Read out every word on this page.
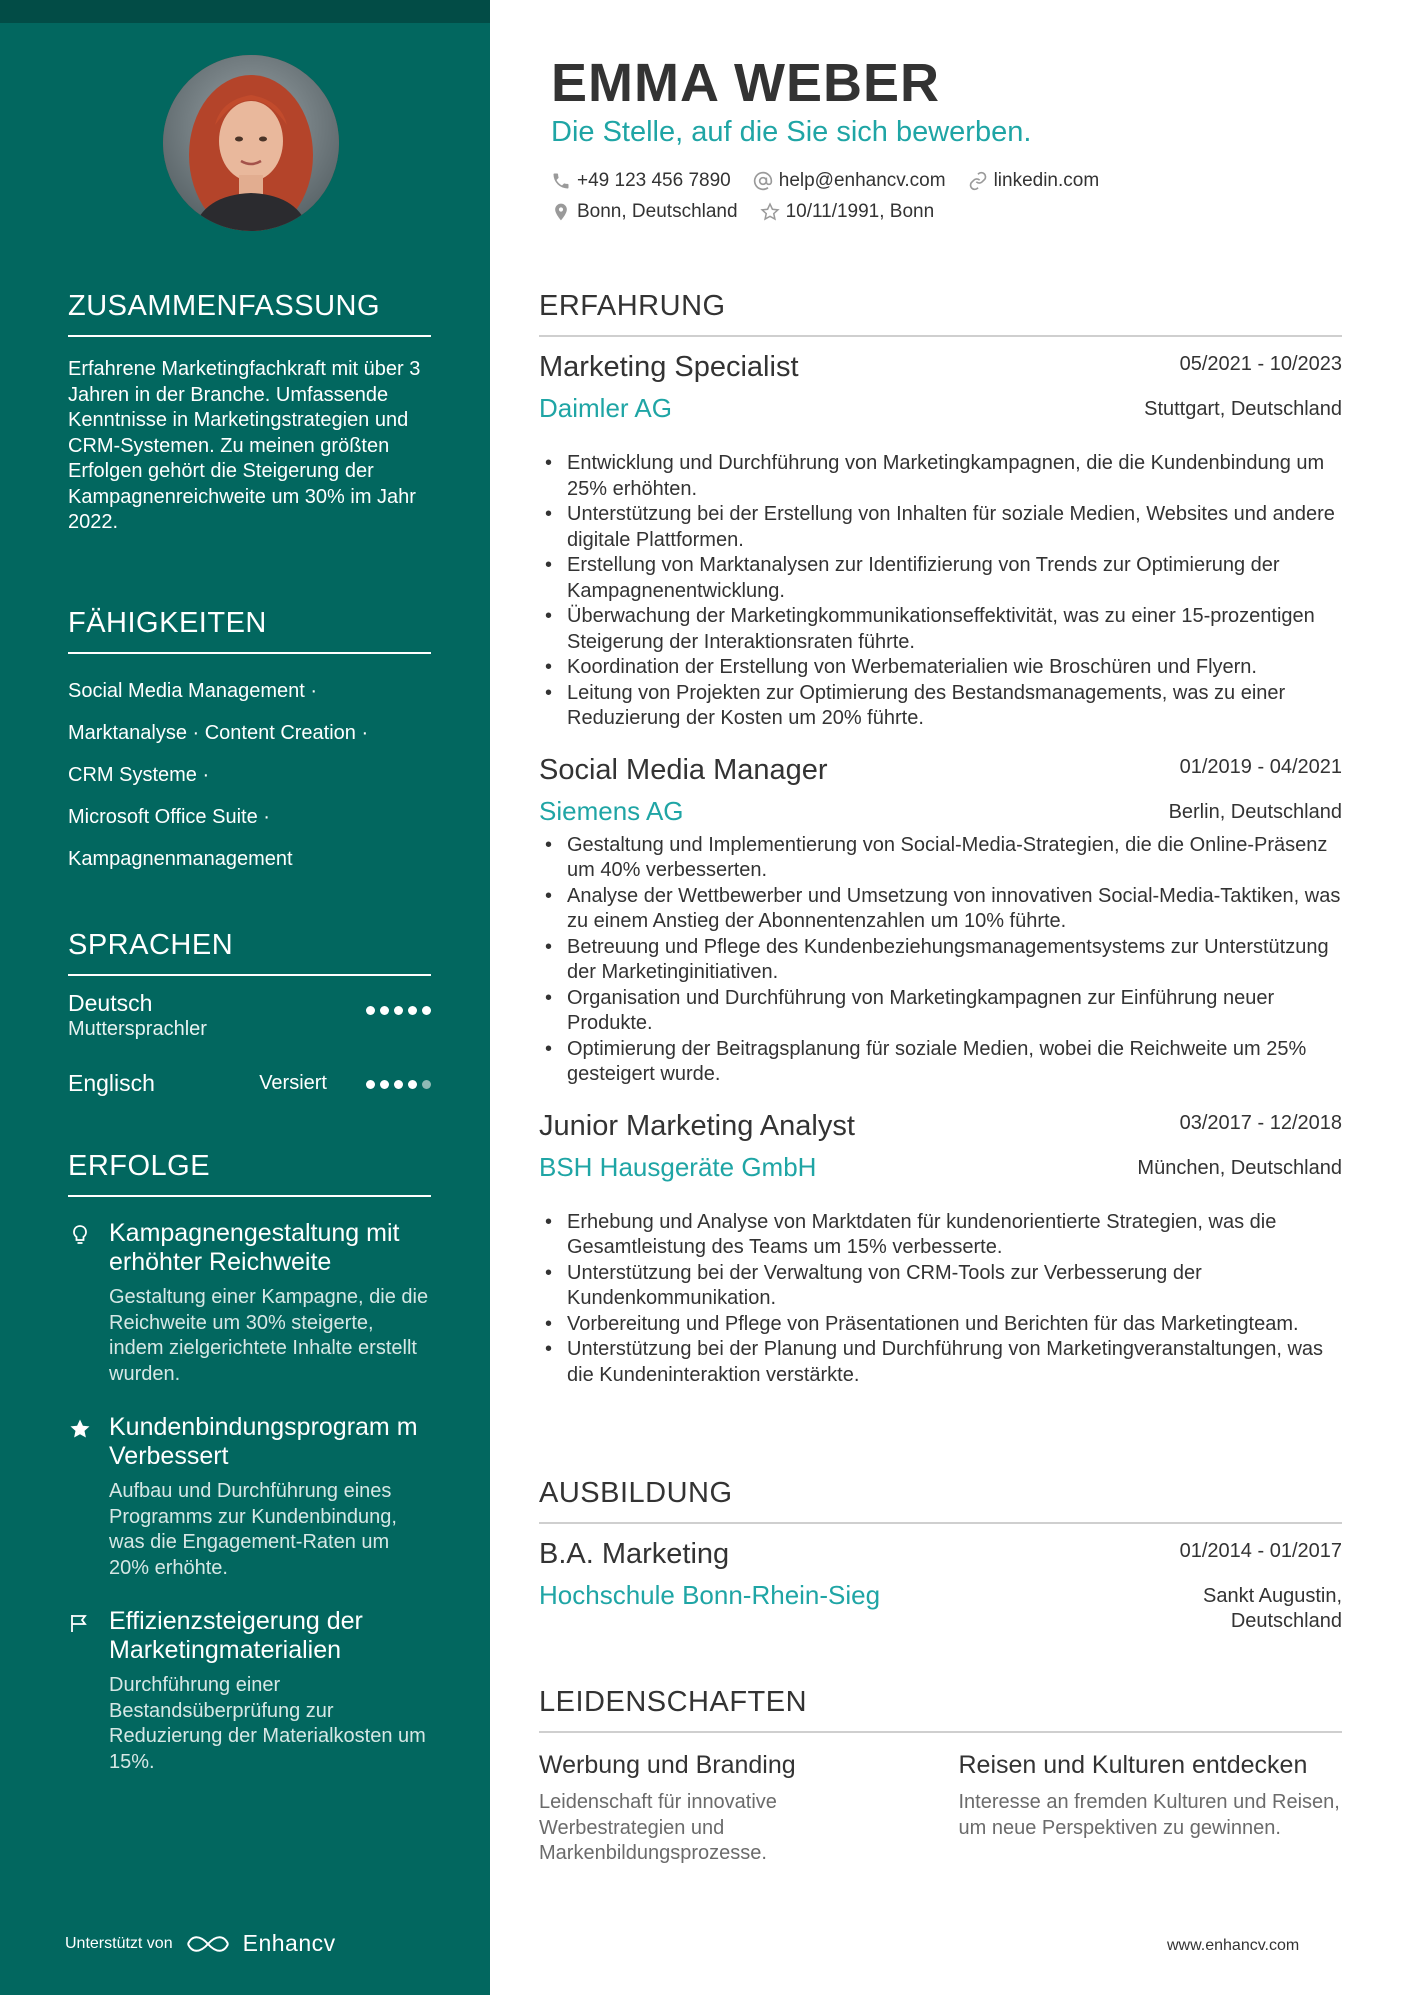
ZUSAMMENFASSUNG
Erfahrene Marketingfachkraft mit über 3 Jahren in der Branche. Umfassende Kenntnisse in Marketingstrategien und CRM-Systemen. Zu meinen größten Erfolgen gehört die Steigerung der Kampagnenreichweite um 30% im Jahr 2022.
FÄHIGKEITEN
Social Media Management ·
Marktanalyse · Content Creation ·
CRM Systeme ·
Microsoft Office Suite ·
Kampagnenmanagement
SPRACHEN
Deutsch
Muttersprachler
Englisch	Versiert
ERFOLGE
Kampagnengestaltung mit erhöhter Reichweite
Gestaltung einer Kampagne, die die Reichweite um 30% steigerte, indem zielgerichtete Inhalte erstellt wurden.
Kundenbindungsprogram m Verbessert
Aufbau und Durchführung eines Programms zur Kundenbindung, was die Engagement-Raten um 20% erhöhte.
Effizienzsteigerung der Marketingmaterialien
Durchführung einer Bestandsüberprüfung zur Reduzierung der Materialkosten um 15%.
Unterstützt von	Enhancv
EMMA WEBER
Die Stelle, auf die Sie sich bewerben.
+49 123 456 7890	help@enhancv.com	linkedin.com
Bonn, Deutschland	10/11/1991, Bonn
ERFAHRUNG
Marketing Specialist	05/2021 - 10/2023
Daimler AG	Stuttgart, Deutschland
• Entwicklung und Durchführung von Marketingkampagnen, die die Kundenbindung um 25% erhöhten.
• Unterstützung bei der Erstellung von Inhalten für soziale Medien, Websites und andere digitale Plattformen.
• Erstellung von Marktanalysen zur Identifizierung von Trends zur Optimierung der Kampagnenentwicklung.
• Überwachung der Marketingkommunikationseffektivität, was zu einer 15-prozentigen Steigerung der Interaktionsraten führte.
• Koordination der Erstellung von Werbematerialien wie Broschüren und Flyern.
• Leitung von Projekten zur Optimierung des Bestandsmanagements, was zu einer Reduzierung der Kosten um 20% führte.
Social Media Manager	01/2019 - 04/2021
Siemens AG	Berlin, Deutschland
• Gestaltung und Implementierung von Social-Media-Strategien, die die Online-Präsenz um 40% verbesserten.
• Analyse der Wettbewerber und Umsetzung von innovativen Social-Media-Taktiken, was zu einem Anstieg der Abonnentenzahlen um 10% führte.
• Betreuung und Pflege des Kundenbeziehungsmanagementsystems zur Unterstützung der Marketinginitiativen.
• Organisation und Durchführung von Marketingkampagnen zur Einführung neuer Produkte.
• Optimierung der Beitragsplanung für soziale Medien, wobei die Reichweite um 25% gesteigert wurde.
Junior Marketing Analyst	03/2017 - 12/2018
BSH Hausgeräte GmbH	München, Deutschland
• Erhebung und Analyse von Marktdaten für kundenorientierte Strategien, was die Gesamtleistung des Teams um 15% verbesserte.
• Unterstützung bei der Verwaltung von CRM-Tools zur Verbesserung der Kundenkommunikation.
• Vorbereitung und Pflege von Präsentationen und Berichten für das Marketingteam.
• Unterstützung bei der Planung und Durchführung von Marketingveranstaltungen, was die Kundeninteraktion verstärkte.
AUSBILDUNG
B.A. Marketing	01/2014 - 01/2017
Hochschule Bonn-Rhein-Sieg	Sankt Augustin, Deutschland
LEIDENSCHAFTEN
Werbung und Branding
Leidenschaft für innovative Werbestrategien und Markenbildungsprozesse.
Reisen und Kulturen entdecken
Interesse an fremden Kulturen und Reisen, um neue Perspektiven zu gewinnen.
www.enhancv.com
